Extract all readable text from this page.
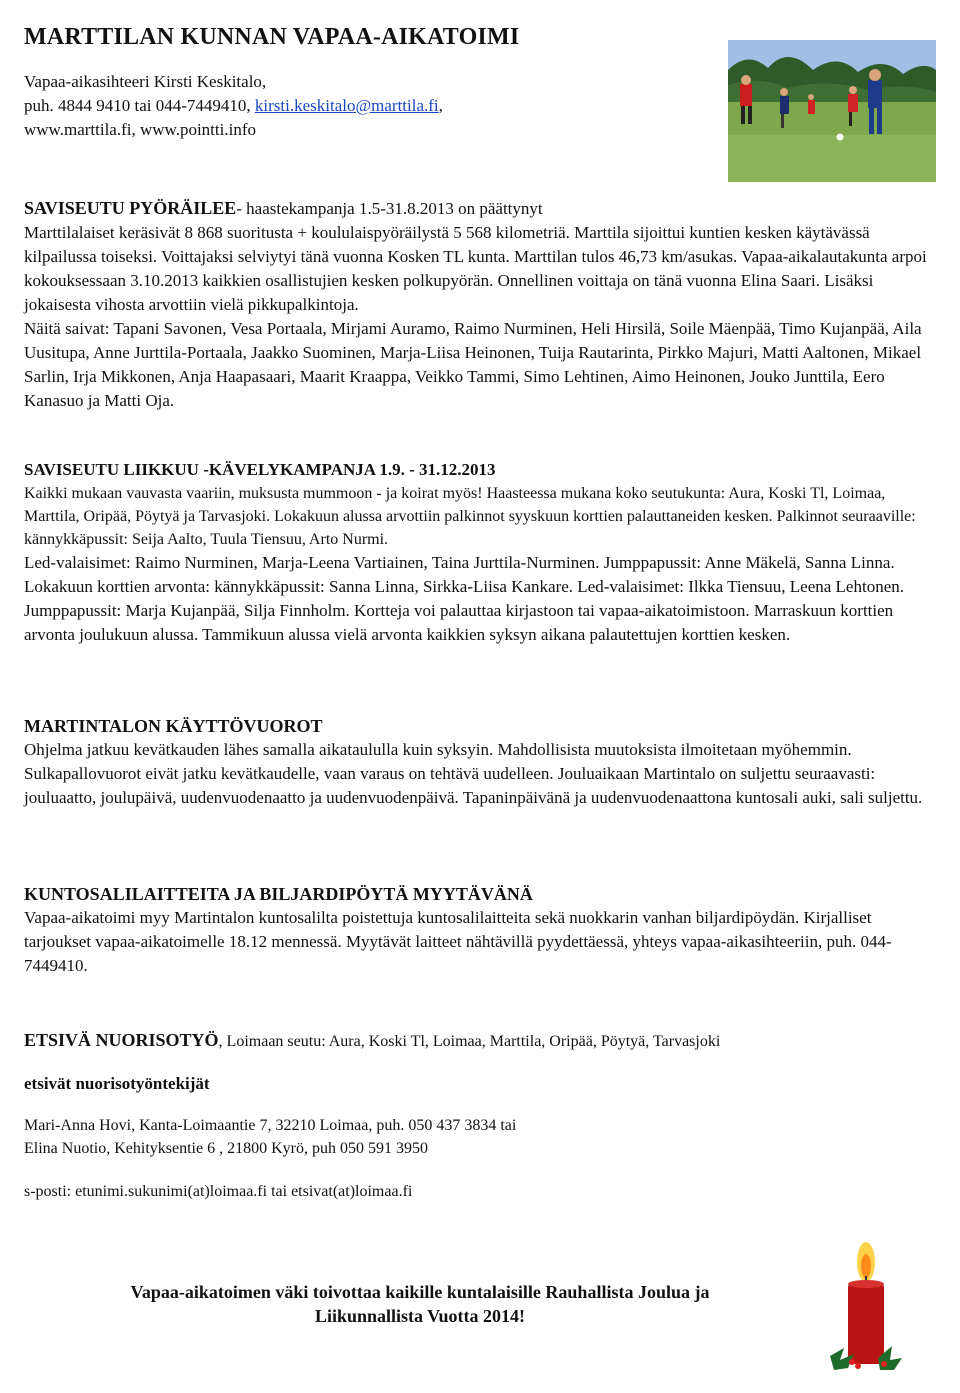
MARTTILAN KUNNAN VAPAA-AIKATOIMI

Vapaa-aikasihteeri Kirsti Keskitalo,

puh. 4844 9410 tai 044-7449410, kirsti.keskitalo@marttila.fi,

www.marttila.fi, www.pointti.info

SAVISEUTU PYÖRÄILEE- haastekampanja 1.5-31.8.2013 on päättynyt

Marttilalaiset keräsivät 8 868 suoritusta + koululaispyöräilystä 5 568 kilometriä. Marttila sijoittui kuntien kesken käytävässä kilpailussa toiseksi. Voittajaksi selviytyi tänä vuonna Kosken TL kunta. Marttilan tulos 46,73 km/asukas. Vapaa-aikalautakunta arpoi kokouksessaan 3.10.2013 kaikkien osallistujien kesken polkupyörän. Onnellinen voittaja on tänä vuonna Elina Saari. Lisäksi jokaisesta vihosta arvottiin vielä pikkupalkintoja.

Näitä saivat: Tapani Savonen, Vesa Portaala, Mirjami Auramo, Raimo Nurminen, Heli Hirsilä, Soile Mäenpää, Timo Kujanpää, Aila Uusitupa, Anne Jurttila-Portaala, Jaakko Suominen, Marja-Liisa Heinonen, Tuija Rautarinta, Pirkko Majuri, Matti Aaltonen, Mikael Sarlin, Irja Mikkonen, Anja Haapasaari, Maarit Kraappa, Veikko Tammi, Simo Lehtinen, Aimo Heinonen, Jouko Junttila, Eero Kanasuo ja Matti Oja.

SAVISEUTU LIIKKUU -KÄVELYKAMPANJA 1.9. - 31.12.2013

Kaikki mukaan vauvasta vaariin, muksusta mummoon - ja koirat myös! Haasteessa mukana koko seutukunta: Aura, Koski Tl, Loimaa, Marttila, Oripää, Pöytyä ja Tarvasjoki. Lokakuun alussa arvottiin palkinnot syyskuun korttien palauttaneiden kesken. Palkinnot seuraaville: kännykkäpussit: Seija Aalto, Tuula Tiensuu, Arto Nurmi.

Led-valaisimet: Raimo Nurminen, Marja-Leena Vartiainen, Taina Jurttila-Nurminen. Jumppapussit: Anne Mäkelä, Sanna Linna. Lokakuun korttien arvonta: kännykkäpussit: Sanna Linna, Sirkka-Liisa Kankare. Led-valaisimet: Ilkka Tiensuu, Leena Lehtonen. Jumppapussit: Marja Kujanpää, Silja Finnholm. Kortteja voi palauttaa kirjastoon tai vapaa-aikatoimistoon. Marraskuun korttien arvonta joulukuun alussa. Tammikuun alussa vielä arvonta kaikkien syksyn aikana palautettujen korttien kesken.

MARTINTALON KÄYTTÖVUOROT

Ohjelma jatkuu kevätkauden lähes samalla aikataululla kuin syksyin. Mahdollisista muutoksista ilmoitetaan myöhemmin. Sulkapallovuorot eivät jatku kevätkaudelle, vaan varaus on tehtävä uudelleen. Jouluaikaan Martintalo on suljettu seuraavasti: jouluaatto, joulupäivä, uudenvuodenaatto ja uudenvuodenpäivä. Tapaninpäivänä ja uudenvuodenaattona kuntosali auki, sali suljettu.

KUNTOSALILAITTEITA JA BILJARDIPÖYTÄ MYYTÄVÄNÄ

Vapaa-aikatoimi myy Martintalon kuntosalilta poistettuja kuntosalilaitteita sekä nuokkarin vanhan biljardipöydän. Kirjalliset tarjoukset vapaa-aikatoimelle 18.12 mennessä. Myytävät laitteet nähtävillä pyydettäessä, yhteys vapaa-aikasihteeriin, puh. 044-7449410.

ETSIVÄ NUORISOTYÖ, Loimaan seutu: Aura, Koski Tl, Loimaa, Marttila, Oripää, Pöytyä, Tarvasjoki

etsivät nuorisotyöntekijät

Mari-Anna Hovi, Kanta-Loimaantie 7, 32210 Loimaa, puh. 050 437 3834 tai

Elina Nuotio, Kehityksentie 6 , 21800 Kyrö, puh 050 591 3950

s-posti: etunimi.sukunimi(at)loimaa.fi tai etsivat(at)loimaa.fi

Vapaa-aikatoimen väki toivottaa kaikille kuntalaisille Rauhallista Joulua ja

Liikunnallista Vuotta 2014!
